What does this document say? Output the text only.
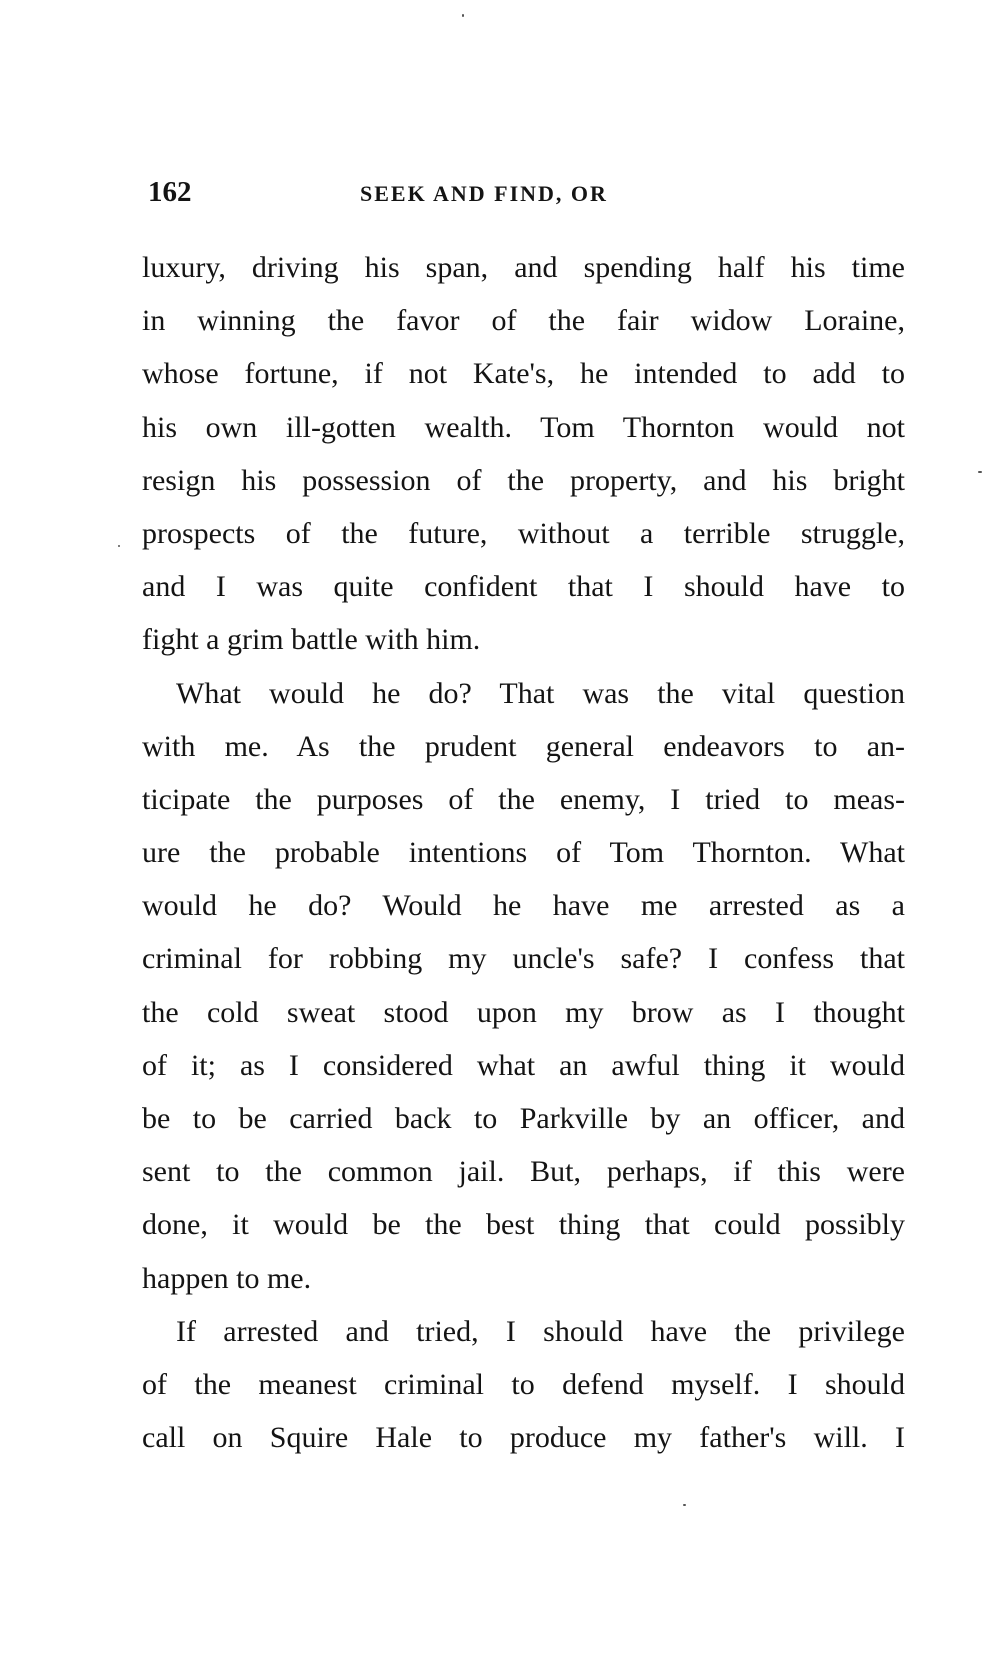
162	SEEK AND FIND, OR
luxury, driving his span, and spending half his time
in winning the favor of the fair widow Loraine,
whose fortune, if not Kate's, he intended to add to
his own ill-gotten wealth. Tom Thornton would not
resign his possession of the property, and his bright
prospects of the future, without a terrible struggle,
and I was quite confident that I should have to
fight a grim battle with him.
What would he do? That was the vital question
with me. As the prudent general endeavors to an-
ticipate the purposes of the enemy, I tried to meas-
ure the probable intentions of Tom Thornton. What
would he do? Would he have me arrested as a
criminal for robbing my uncle's safe? I confess that
the cold sweat stood upon my brow as I thought
of it; as I considered what an awful thing it would
be to be carried back to Parkville by an officer, and
sent to the common jail. But, perhaps, if this were
done, it would be the best thing that could possibly
happen to me.
If arrested and tried, I should have the privilege
of the meanest criminal to defend myself. I should
call on Squire Hale to produce my father's will. I
